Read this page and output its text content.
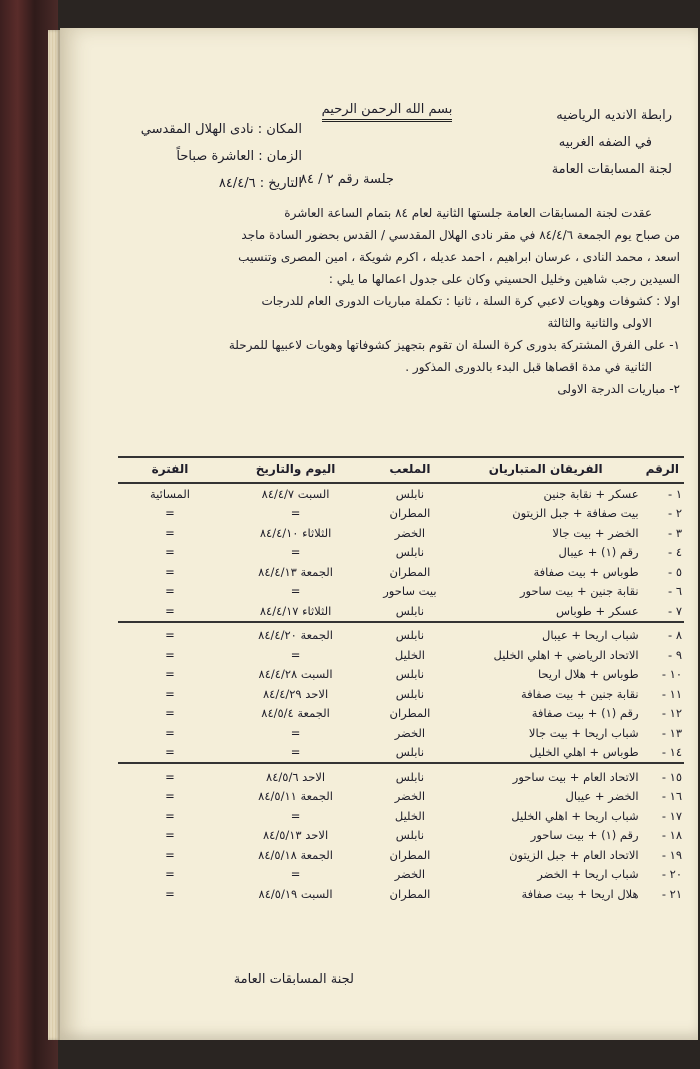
رابطة الانديه الرياضيه
في الضفه الغربيه
لجنة المسابقات العامة
بسم الله الرحمن الرحيم
المكان : نادى الهلال المقدسي
الزمان : العاشرة صباحاً
التاريخ : ٨٤/٤/٦
جلسة رقم ٢ / ٨٤

عقدت لجنة المسابقات العامة جلستها الثانية لعام ٨٤ بتمام الساعة العاشرة

من صباح يوم الجمعة ٨٤/٤/٦ في مقر نادى الهلال المقدسي / القدس بحضور السادة ماجد

اسعد ، محمد النادى ، عرسان ابراهيم ، احمد عديله ، اكرم شويكة ، امين المصرى وتنسيب

السيدين رجب شاهين وخليل الحسيني وكان على جدول اعمالها ما يلي :

اولا : كشوفات وهويات لاعبي كرة السلة ، ثانيا : تكملة مباريات الدورى العام للدرجات

الاولى والثانية والثالثة

١- على الفرق المشتركة بدورى كرة السلة ان تقوم بتجهيز كشوفاتها وهويات لاعبيها للمرحلة

الثانية في مدة اقصاها قبل البدء بالدورى المذكور .

٢- مباريات الدرجة الاولى

الرقم	الفريقان المتباريان	الملعب	اليوم والتاريخ	الفترة
١ -	عسكر + نقابة جنين	نابلس	السبت ٨٤/٤/٧	المسائية
٢ -	بيت صفافة + جبل الزيتون	المطران	=	=
٣ -	الخضر + بيت جالا	الخضر	الثلاثاء ٨٤/٤/١٠	=
٤ -	رقم (١) + عيبال	نابلس	=	=
٥ -	طوباس + بيت صفافة	المطران	الجمعة ٨٤/٤/١٣	=
٦ -	نقابة جنين + بيت ساحور	بيت ساحور	=	=
٧ -	عسكر + طوباس	نابلس	الثلاثاء ٨٤/٤/١٧	=
٨ -	شباب اريحا + عيبال	نابلس	الجمعة ٨٤/٤/٢٠	=
٩ -	الاتحاد الرياضي + اهلي الخليل	الخليل	=	=
١٠ -	طوباس + هلال اريحا	نابلس	السبت ٨٤/٤/٢٨	=
١١ -	نقابة جنين + بيت صفافة	نابلس	الاحد ٨٤/٤/٢٩	=
١٢ -	رقم (١) + بيت صفافة	المطران	الجمعة ٨٤/٥/٤	=
١٣ -	شباب اريحا + بيت جالا	الخضر	=	=
١٤ -	طوباس + اهلي الخليل	نابلس	=	=
١٥ -	الاتحاد العام + بيت ساحور	نابلس	الاحد ٨٤/٥/٦	=
١٦ -	الخضر + عيبال	الخضر	الجمعة ٨٤/٥/١١	=
١٧ -	شباب اريحا + اهلي الخليل	الخليل	=	=
١٨ -	رقم (١) + بيت ساحور	نابلس	الاحد ٨٤/٥/١٣	=
١٩ -	الاتحاد العام + جبل الزيتون	المطران	الجمعة ٨٤/٥/١٨	=
٢٠ -	شباب اريحا + الخضر	الخضر	=	=
٢١ -	هلال اريحا + بيت صفافة	المطران	السبت ٨٤/٥/١٩	=
لجنة المسابقات العامة
